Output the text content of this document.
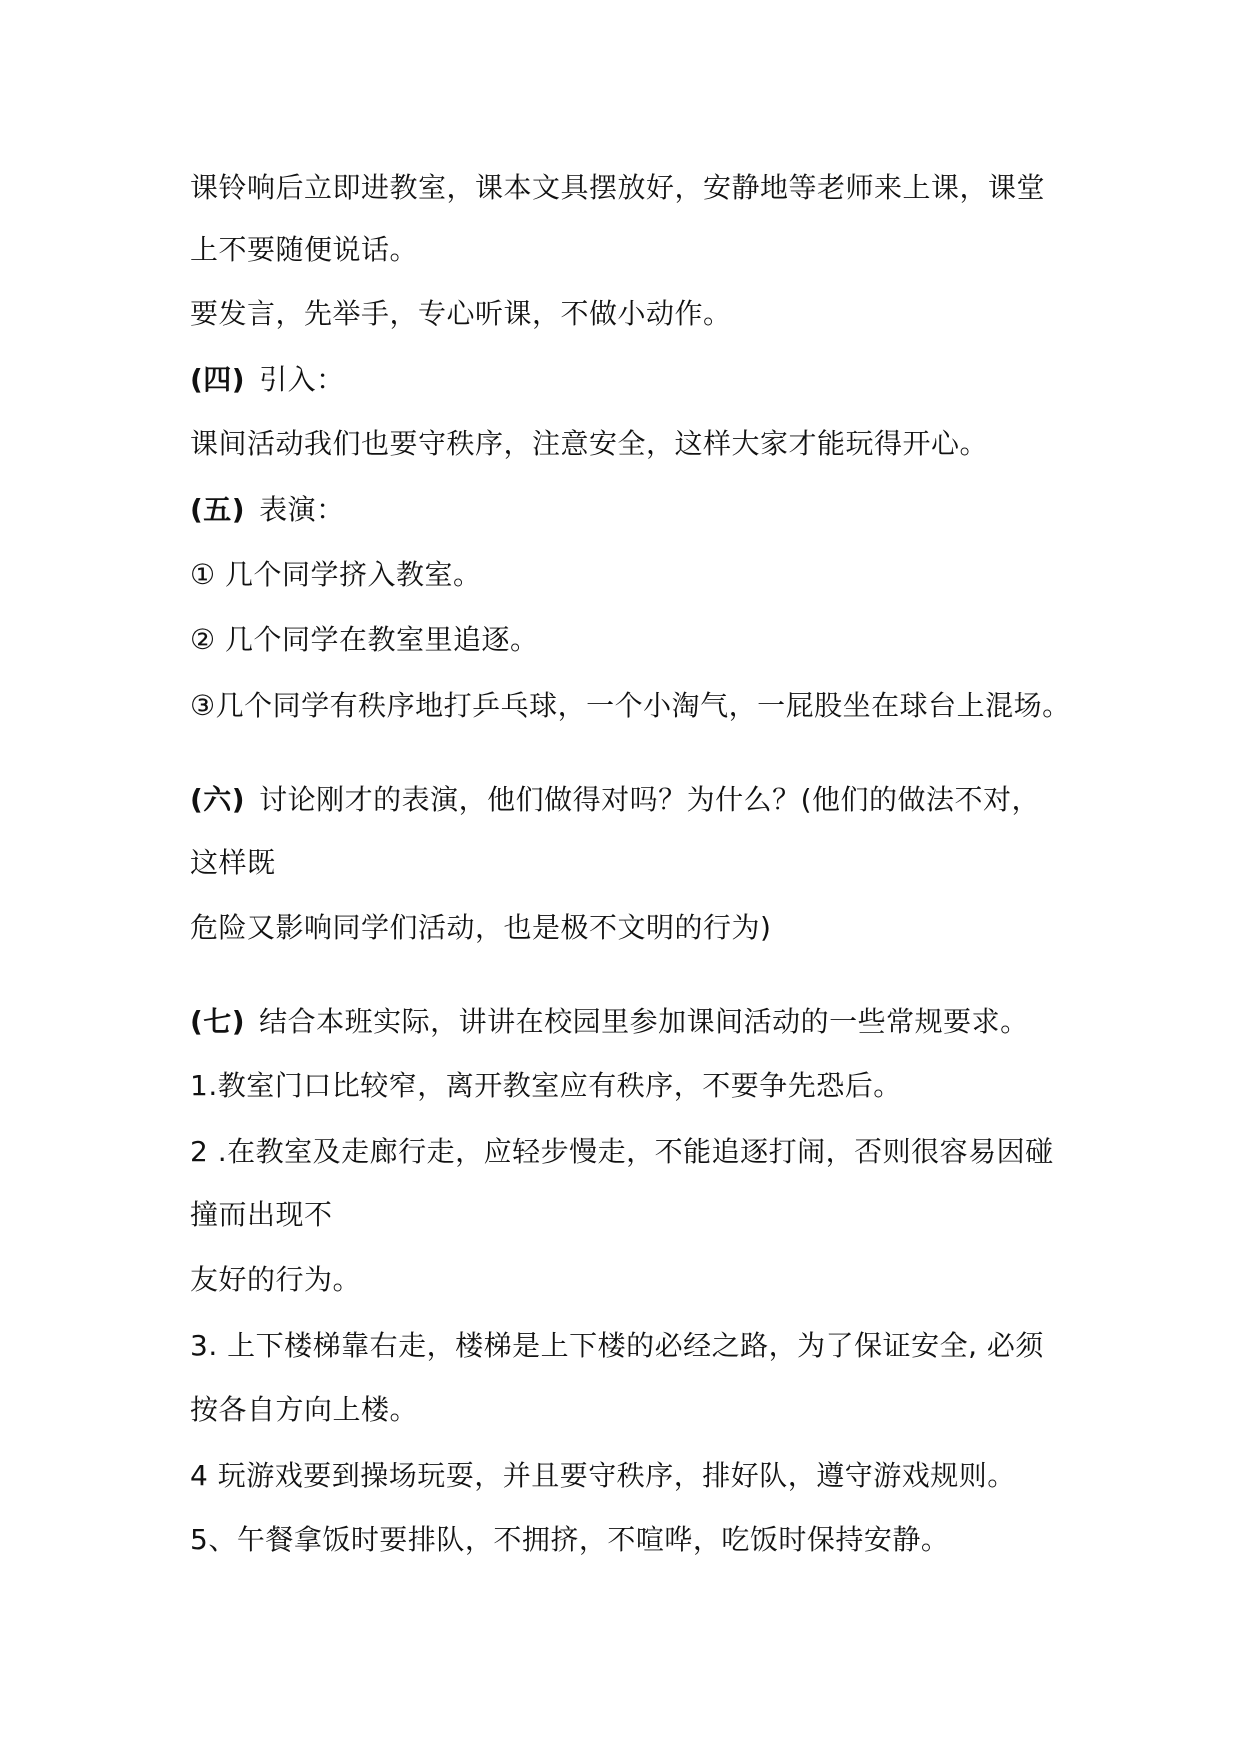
课铃响后立即进教室，课本文具摆放好，安静地等老师来上课，课堂
上不要随便说话。
要发言，先举手，专心听课，不做小动作。
(四) 引入：
课间活动我们也要守秩序，注意安全，这样大家才能玩得开心。
(五) 表演：
① 几个同学挤入教室。
② 几个同学在教室里追逐。
③几个同学有秩序地打乒乓球，一个小淘气，一屁股坐在球台上混场。
(六) 讨论刚才的表演，他们做得对吗？为什么？(他们的做法不对，
这样既
危险又影响同学们活动，也是极不文明的行为)
(七) 结合本班实际，讲讲在校园里参加课间活动的一些常规要求。
1.教室门口比较窄，离开教室应有秩序，不要争先恐后。
2 .在教室及走廊行走，应轻步慢走，不能追逐打闹，否则很容易因碰
撞而出现不
友好的行为。
3. 上下楼梯靠右走，楼梯是上下楼的必经之路，为了保证安全, 必须
按各自方向上楼。
4 玩游戏要到操场玩耍，并且要守秩序，排好队，遵守游戏规则。
5、午餐拿饭时要排队，不拥挤，不喧哗，吃饭时保持安静。
